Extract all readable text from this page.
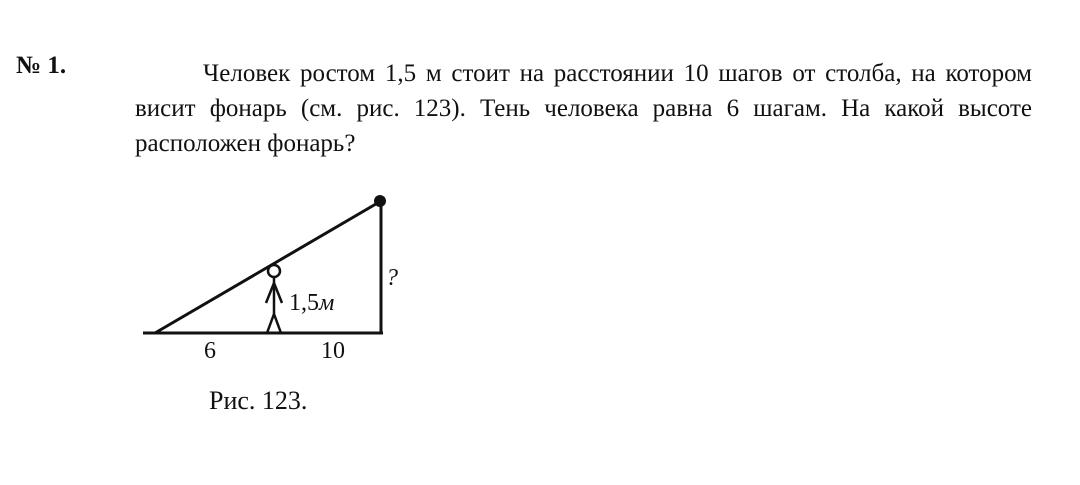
№ 1.	Человек ростом 1,5 м стоит на расстоянии 10 шагов от столба, на котором
висит фонарь (см. рис. 123). Тень человека равна 6 шагам. На какой высоте
расположен фонарь?
1,5м
?
6	10
Рис. 123.
